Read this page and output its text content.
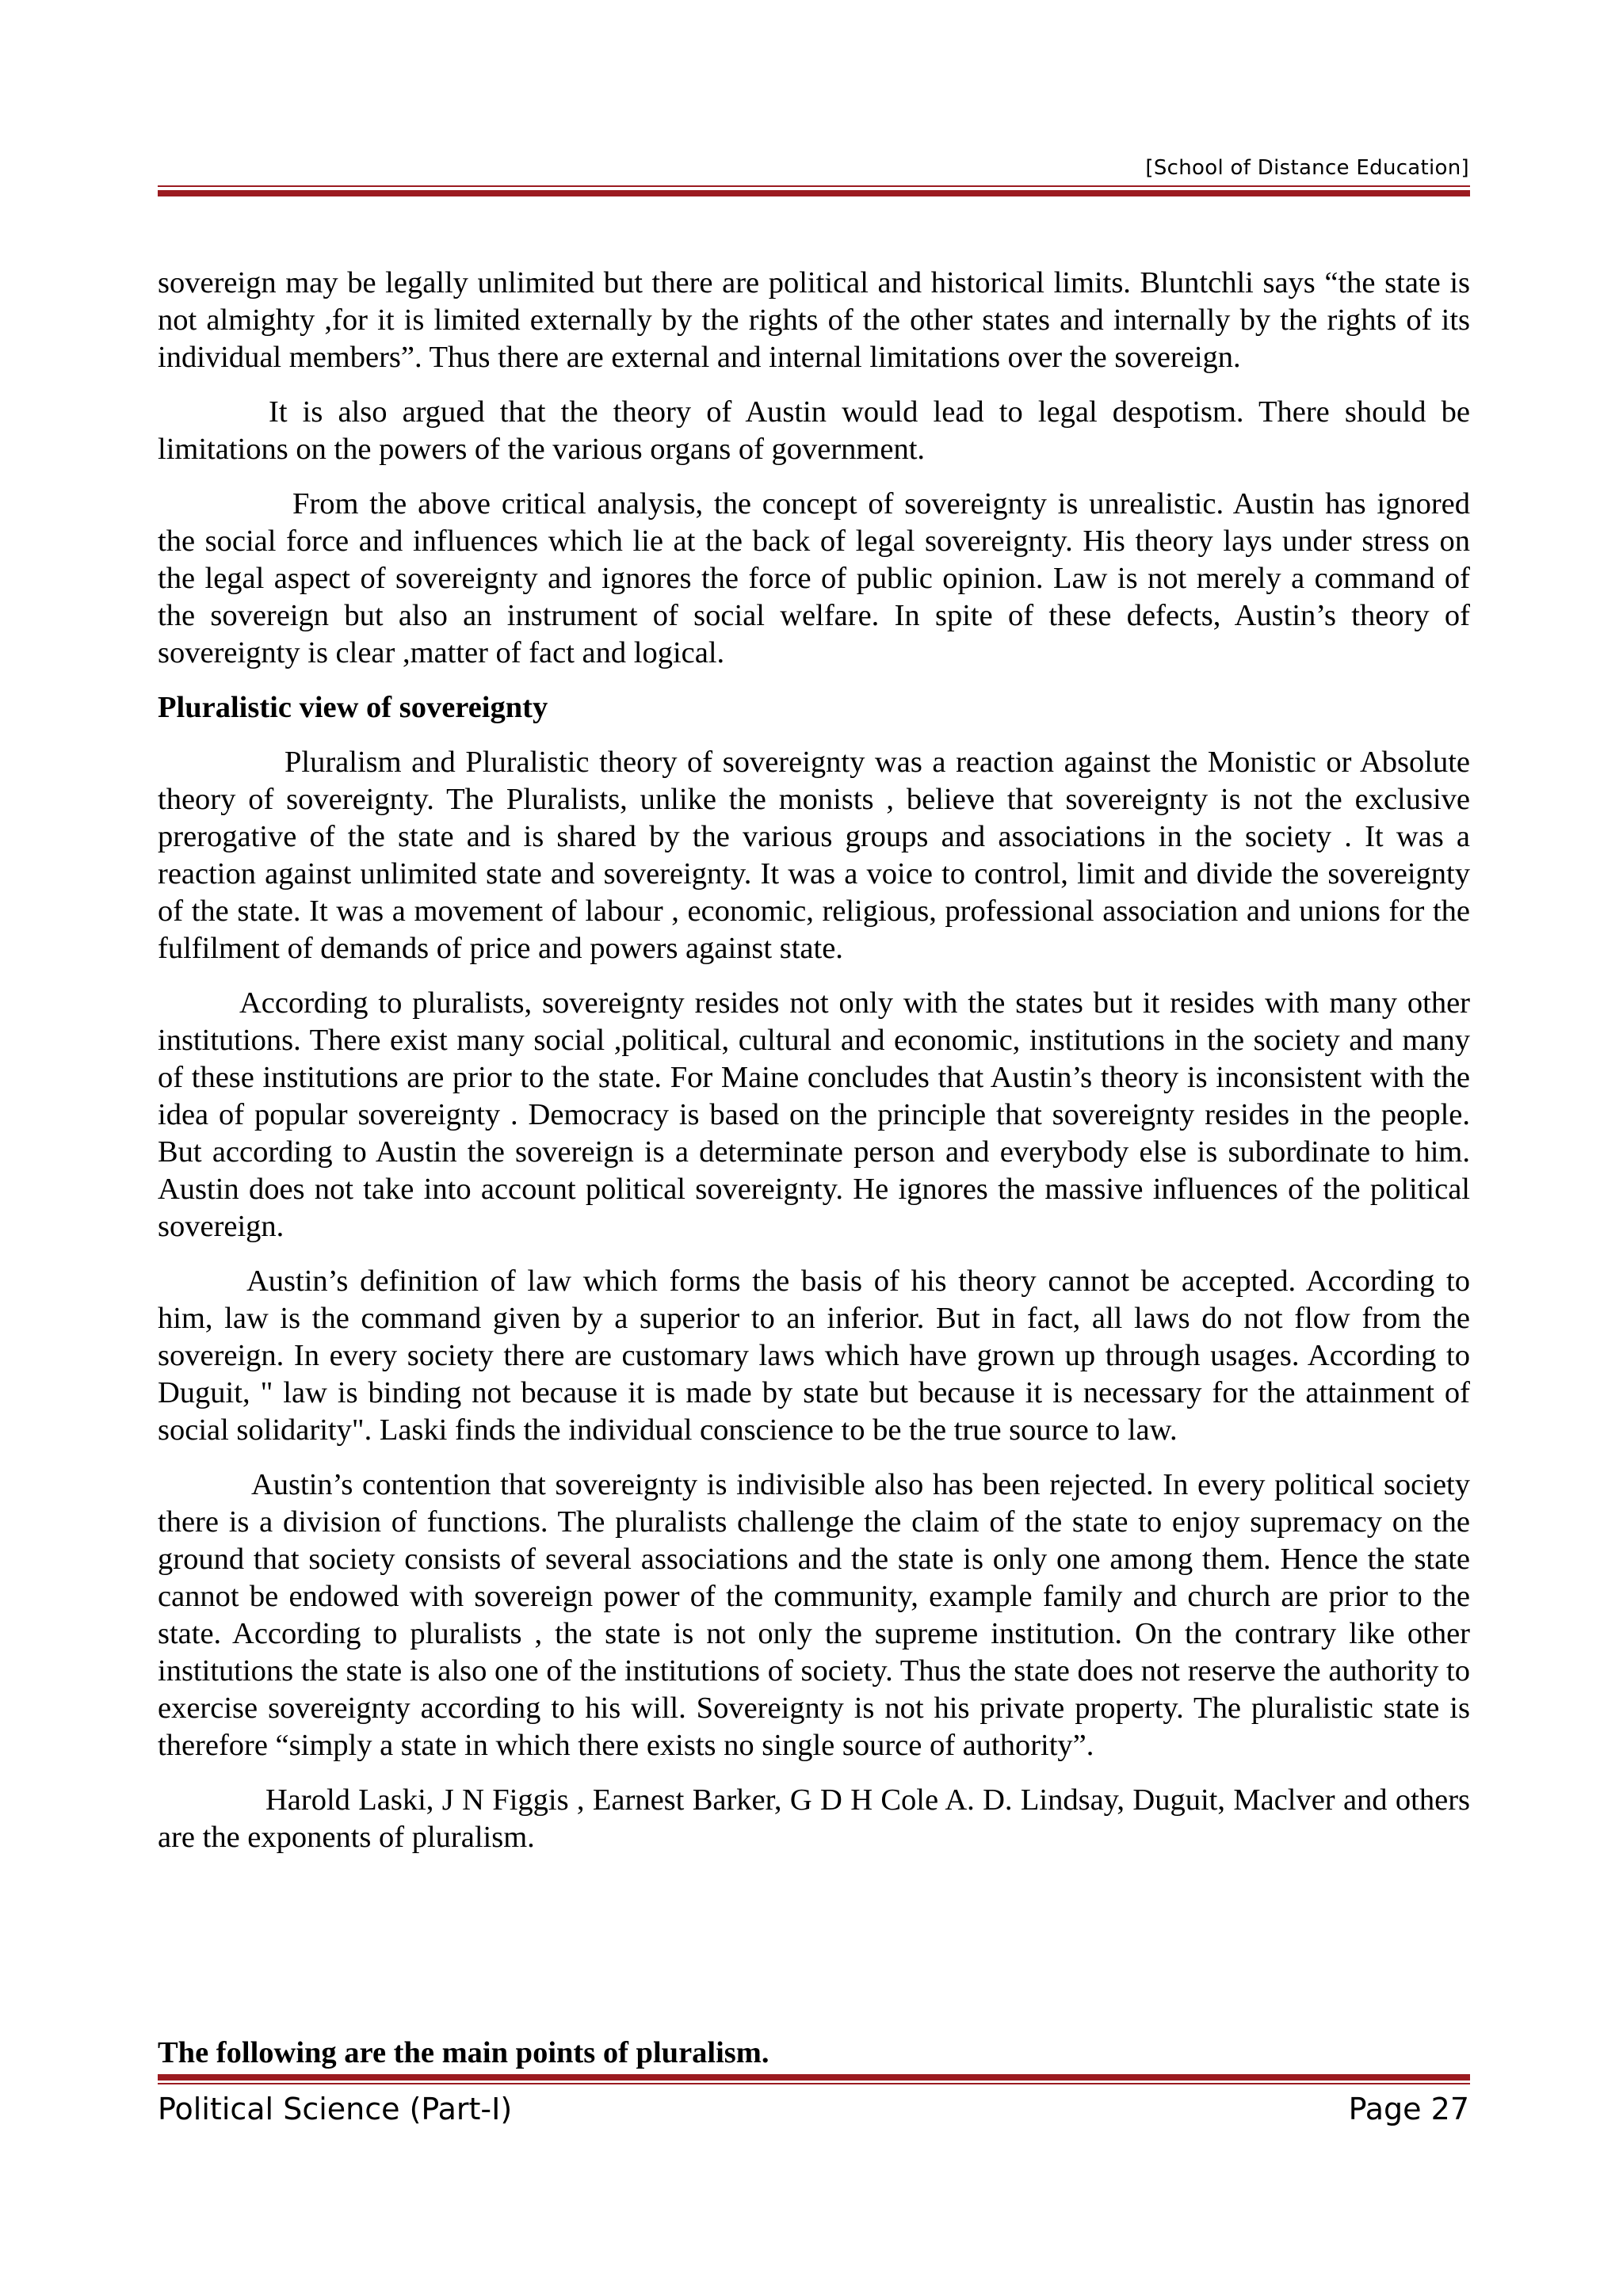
[School of Distance Education]

sovereign may be legally unlimited but there are political and historical limits. Bluntchli says “the state is not almighty ,for it is limited externally by the rights of the other states and internally by the rights of its individual members”. Thus there are external and internal limitations over the sovereign.

It is also argued that the theory of Austin would lead to legal despotism. There should be limitations on the powers of the various organs of government.

From the above critical analysis, the concept of sovereignty is unrealistic. Austin has ignored the social force and influences which lie at the back of legal sovereignty. His theory lays under stress on the legal aspect of sovereignty and ignores the force of public opinion. Law is not merely a command of the sovereign but also an instrument of social welfare. In spite of these defects, Austin’s theory of sovereignty is clear ,matter of fact and logical.

Pluralistic view of sovereignty

Pluralism and Pluralistic theory of sovereignty was a reaction against the Monistic or Absolute theory of sovereignty. The Pluralists, unlike the monists , believe that sovereignty is not the exclusive prerogative of the state and is shared by the various groups and associations in the society . It was a reaction against unlimited state and sovereignty. It was a voice to control, limit and divide the sovereignty of the state. It was a movement of labour , economic, religious, professional association and unions for the fulfilment of demands of price and powers against state.

According to pluralists, sovereignty resides not only with the states but it resides with many other institutions. There exist many social ,political, cultural and economic, institutions in the society and many of these institutions are prior to the state. For Maine concludes that Austin’s theory is inconsistent with the idea of popular sovereignty . Democracy is based on the principle that sovereignty resides in the people. But according to Austin the sovereign is a determinate person and everybody else is subordinate to him. Austin does not take into account political sovereignty. He ignores the massive influences of the political sovereign.

Austin’s definition of law which forms the basis of his theory cannot be accepted. According to him, law is the command given by a superior to an inferior. But in fact, all laws do not flow from the sovereign. In every society there are customary laws which have grown up through usages. According to Duguit, " law is binding not because it is made by state but because it is necessary for the attainment of social solidarity". Laski finds the individual conscience to be the true source to law.

Austin’s contention that sovereignty is indivisible also has been rejected. In every political society there is a division of functions. The pluralists challenge the claim of the state to enjoy supremacy on the ground that society consists of several associations and the state is only one among them. Hence the state cannot be endowed with sovereign power of the community, example family and church are prior to the state. According to pluralists , the state is not only the supreme institution. On the contrary like other institutions the state is also one of the institutions of society. Thus the state does not reserve the authority to exercise sovereignty according to his will. Sovereignty is not his private property. The pluralistic state is therefore “simply a state in which there exists no single source of authority”.

Harold Laski, J N Figgis , Earnest Barker, G D H Cole A. D. Lindsay, Duguit, Maclver and others are the exponents of pluralism.

The following are the main points of pluralism.
Political Science (Part-I)	Page 27
